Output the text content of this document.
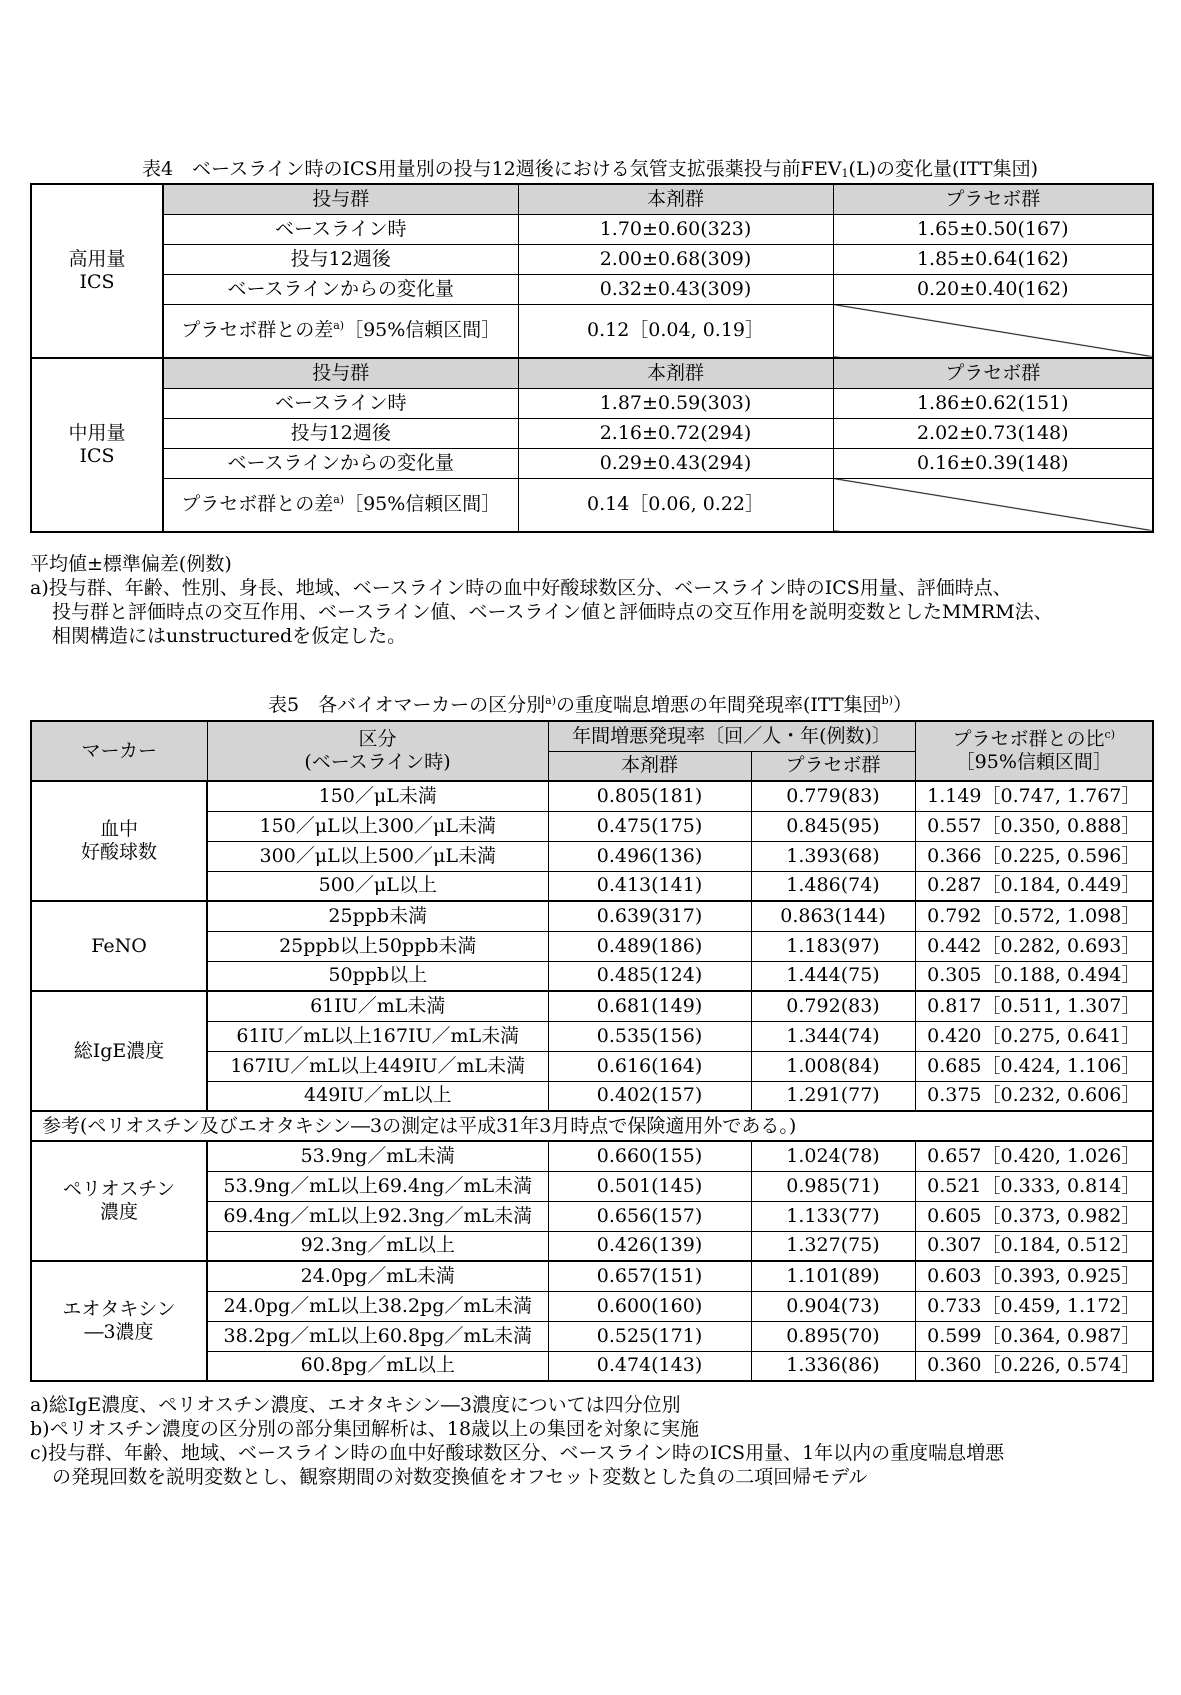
表4　ベースライン時のICS用量別の投与12週後における気管支拡張薬投与前$FEV_1(L)$の変化量(ITT集団)
高用量
ICS	投与群	本剤群	プラセボ群
	ベースライン時	1.70±0.60(323)	1.65±0.50(167)
	投与12週後	2.00±0.68(309)	1.85±0.64(162)
	ベースラインからの変化量	0.32±0.43(309)	0.20±0.40(162)
	プラセボ群との差$^{a)}$［95%信頼区間］	0.12［0.04, 0.19］	
中用量
ICS	投与群	本剤群	プラセボ群
	ベースライン時	1.87±0.59(303)	1.86±0.62(151)
	投与12週後	2.16±0.72(294)	2.02±0.73(148)
	ベースラインからの変化量	0.29±0.43(294)	0.16±0.39(148)
	プラセボ群との差$^{a)}$［95%信頼区間］	0.14［0.06, 0.22］	
平均値±標準偏差(例数)
a)投与群、年齢、性別、身長、地域、ベースライン時の血中好酸球数区分、ベースライン時のICS用量、評価時点、
投与群と評価時点の交互作用、ベースライン値、ベースライン値と評価時点の交互作用を説明変数としたMMRM法、
相関構造にはunstructuredを仮定した。
表5　各バイオマーカーの区分別$^{a)}$の重度喘息増悪の年間発現率(ITT集団$^{b)}$）
マーカー	区分
(ベースライン時)	年間増悪発現率〔回／人・年(例数)〕		プラセボ群との比$^{c)}$
［95%信頼区間］
		本剤群	プラセボ群	
血中
好酸球数	150／μL未満	0.805(181)	0.779(83)	1.149［0.747, 1.767］
	150／μL以上300／μL未満	0.475(175)	0.845(95)	0.557［0.350, 0.888］
	300／μL以上500／μL未満	0.496(136)	1.393(68)	0.366［0.225, 0.596］
	500／μL以上	0.413(141)	1.486(74)	0.287［0.184, 0.449］
FeNO	25ppb未満	0.639(317)	0.863(144)	0.792［0.572, 1.098］
	25ppb以上50ppb未満	0.489(186)	1.183(97)	0.442［0.282, 0.693］
	50ppb以上	0.485(124)	1.444(75)	0.305［0.188, 0.494］
総IgE濃度	61IU／mL未満	0.681(149)	0.792(83)	0.817［0.511, 1.307］
	61IU／mL以上167IU／mL未満	0.535(156)	1.344(74)	0.420［0.275, 0.641］
	167IU／mL以上449IU／mL未満	0.616(164)	1.008(84)	0.685［0.424, 1.106］
	449IU／mL以上	0.402(157)	1.291(77)	0.375［0.232, 0.606］
参考(ペリオスチン及びエオタキシン―3の測定は平成31年3月時点で保険適用外である。)				
ペリオスチン
濃度	53.9ng／mL未満	0.660(155)	1.024(78)	0.657［0.420, 1.026］
	53.9ng／mL以上69.4ng／mL未満	0.501(145)	0.985(71)	0.521［0.333, 0.814］
	69.4ng／mL以上92.3ng／mL未満	0.656(157)	1.133(77)	0.605［0.373, 0.982］
	92.3ng／mL以上	0.426(139)	1.327(75)	0.307［0.184, 0.512］
エオタキシン
―3濃度	24.0pg／mL未満	0.657(151)	1.101(89)	0.603［0.393, 0.925］
	24.0pg／mL以上38.2pg／mL未満	0.600(160)	0.904(73)	0.733［0.459, 1.172］
	38.2pg／mL以上60.8pg／mL未満	0.525(171)	0.895(70)	0.599［0.364, 0.987］
	60.8pg／mL以上	0.474(143)	1.336(86)	0.360［0.226, 0.574］
a)総IgE濃度、ペリオスチン濃度、エオタキシン―3濃度については四分位別
b)ペリオスチン濃度の区分別の部分集団解析は、18歳以上の集団を対象に実施
c)投与群、年齢、地域、ベースライン時の血中好酸球数区分、ベースライン時のICS用量、1年以内の重度喘息増悪
の発現回数を説明変数とし、観察期間の対数変換値をオフセット変数とした負の二項回帰モデル
